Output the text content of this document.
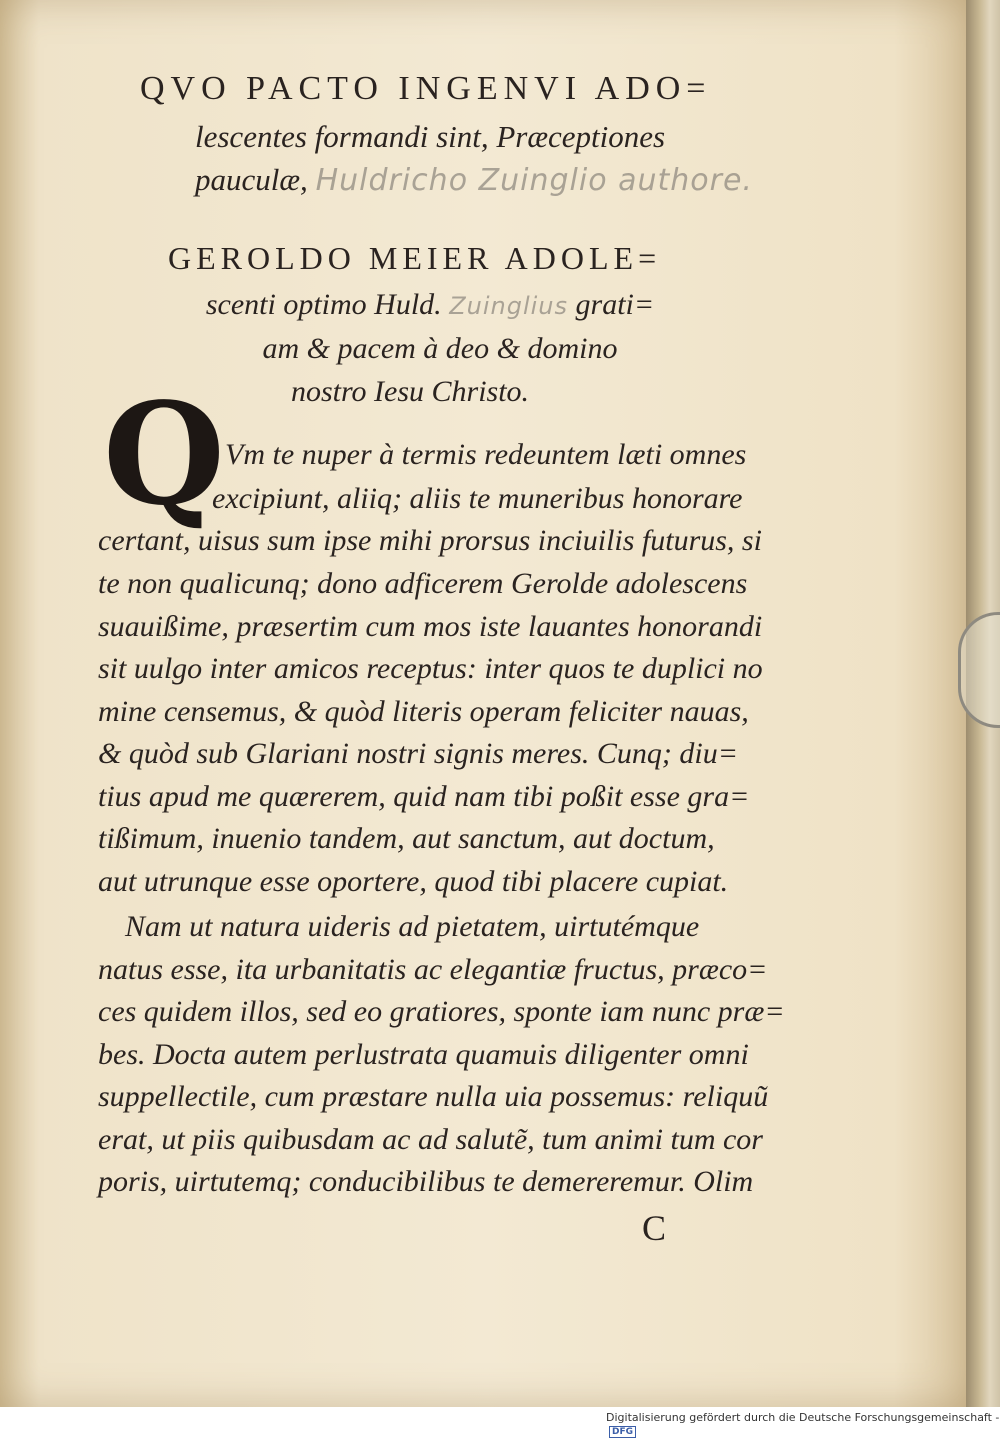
QVO PACTO INGENVI ADO=
lescentes formandi sint, Præceptiones
pauculæ, Huldricho Zuinglio authore.
GEROLDO MEIER ADOLE=
scenti optimo Huld. Zuinglius grati=
am & pacem à deo & domino
nostro Iesu Christo.
Q Vm te nuper à termis redeuntem læti omnes
excipiunt, aliiq; aliis te muneribus honorare
certant, uisus sum ipse mihi prorsus inciuilis futurus, si
te non qualicunq; dono adficerem Gerolde adolescens
suauißime, præsertim cum mos iste lauantes honorandi
sit uulgo inter amicos receptus: inter quos te duplici no
mine censemus, & quòd literis operam feliciter nauas,
& quòd sub Glariani nostri signis meres. Cunq; diu=
tius apud me quærerem, quid nam tibi poßit esse gra=
tißimum, inuenio tandem, aut sanctum, aut doctum,
aut utrunque esse oportere, quod tibi placere cupiat.
Nam ut natura uideris ad pietatem, uirtutémque
natus esse, ita urbanitatis ac elegantiæ fructus, præco=
ces quidem illos, sed eo gratiores, sponte iam nunc præ=
bes. Docta autem perlustrata quamuis diligenter omni
suppellectile, cum præstare nulla uia possemus: reliquũ
erat, ut piis quibusdam ac ad salutẽ, tum animi tum cor
poris, uirtutemq; conducibilibus te demereremur. Olim
C
Digitalisierung gefördert durch die Deutsche Forschungsgemeinschaft -DFG
